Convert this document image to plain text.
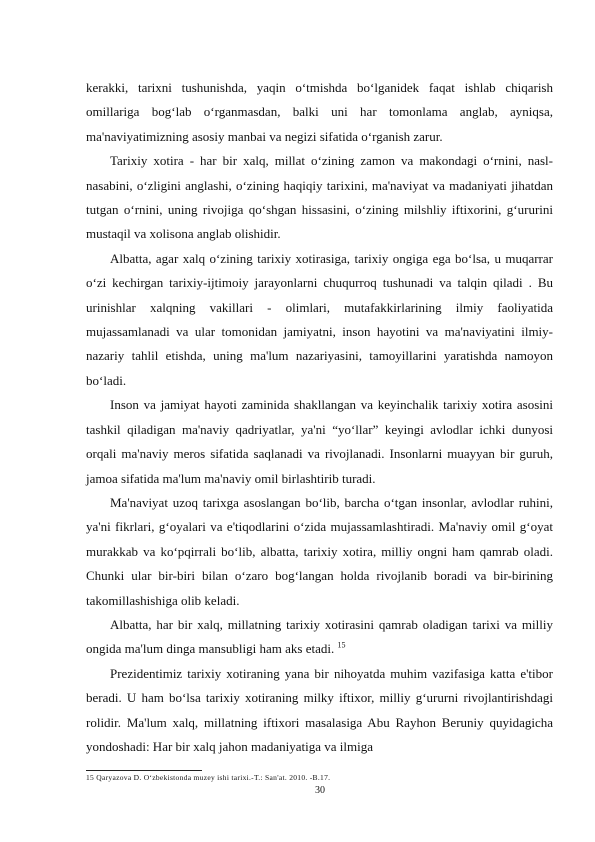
kerakki, tarixni tushunishda, yaqin o‘tmishda bo‘lganidek faqat ishlab chiqarish omillariga bog‘lab o‘rganmasdan, balki uni har tomonlama anglab, ayniqsa, ma'naviyatimizning asosiy manbai va negizi sifatida o‘rganish zarur.

Tarixiy xotira - har bir xalq, millat o‘zining zamon va makondagi o‘rnini, nasl-nasabini, o‘zligini anglashi, o‘zining haqiqiy tarixini, ma'naviyat va madaniyati jihatdan tutgan o‘rnini, uning rivojiga qo‘shgan hissasini, o‘zining milshliy iftixorini, g‘ururini mustaqil va xolisona anglab olishidir.

Albatta, agar xalq o‘zining tarixiy xotirasiga, tarixiy ongiga ega bo‘lsa, u muqarrar o‘zi kechirgan tarixiy-ijtimoiy jarayonlarni chuqurroq tushunadi va talqin qiladi . Bu urinishlar xalqning vakillari - olimlari, mutafakkirlarining ilmiy faoliyatida mujassamlanadi va ular tomonidan jamiyatni, inson hayotini va ma'naviyatini ilmiy-nazariy tahlil etishda, uning ma'lum nazariyasini, tamoyillarini yaratishda namoyon bo‘ladi.

Inson va jamiyat hayoti zaminida shakllangan va keyinchalik tarixiy xotira asosini tashkil qiladigan ma'naviy qadriyatlar, ya'ni “yo‘llar” keyingi avlodlar ichki dunyosi orqali ma'naviy meros sifatida saqlanadi va rivojlanadi. Insonlarni muayyan bir guruh, jamoa sifatida ma'lum ma'naviy omil birlashtirib turadi.

Ma'naviyat uzoq tarixga asoslangan bo‘lib, barcha o‘tgan insonlar, avlodlar ruhini, ya'ni fikrlari, g‘oyalari va e'tiqodlarini o‘zida mujassamlashtiradi. Ma'naviy omil g‘oyat murakkab va ko‘pqirrali bo‘lib, albatta, tarixiy xotira, milliy ongni ham qamrab oladi. Chunki ular bir-biri bilan o‘zaro bog‘langan holda rivojlanib boradi va bir-birining takomillashishiga olib keladi.

Albatta, har bir xalq, millatning tarixiy xotirasini qamrab oladigan tarixi va milliy ongida ma'lum dinga mansubligi ham aks etadi. $^{15}$

Prezidentimiz tarixiy xotiraning yana bir nihoyatda muhim vazifasiga katta e'tibor beradi. U ham bo‘lsa tarixiy xotiraning milky iftixor, milliy g‘ururni rivojlantirishdagi rolidir. Ma'lum xalq, millatning iftixori masalasiga Abu Rayhon Beruniy quyidagicha yondoshadi: Har bir xalq jahon madaniyatiga va ilmiga

15 Qaryazova D. O‘zbekistonda muzey ishi tarixi.-T.: San'at. 2010. -B.17.
30
